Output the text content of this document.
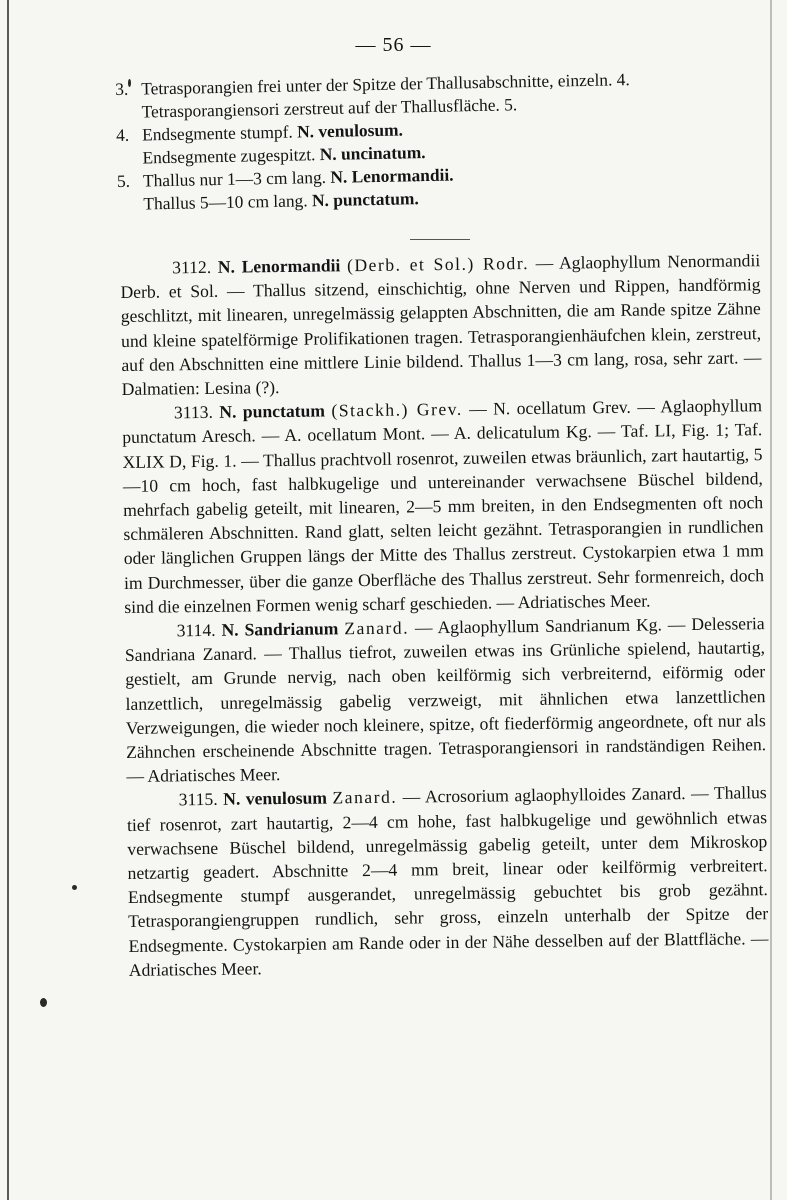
— 56 —
3. Tetrasporangien frei unter der Spitze der Thallusabschnitte, einzeln. 4.
Tetrasporangiensori zerstreut auf der Thallusfläche. 5.
4. Endsegmente stumpf. N. venulosum.
Endsegmente zugespitzt. N. uncinatum.
5. Thallus nur 1—3 cm lang. N. Lenormandii.
Thallus 5—10 cm lang. N. punctatum.

3112. N. Lenormandii (Derb. et Sol.) Rodr. — Aglaophyllum Nenormandii Derb. et Sol. — Thallus sitzend, einschichtig, ohne Nerven und Rippen, handförmig geschlitzt, mit linearen, unregelmässig gelappten Abschnitten, die am Rande spitze Zähne und kleine spatelförmige Prolifikationen tragen. Tetrasporangienhäufchen klein, zerstreut, auf den Abschnitten eine mittlere Linie bildend. Thallus 1—3 cm lang, rosa, sehr zart. — Dalmatien: Lesina (?).

3113. N. punctatum (Stackh.) Grev. — N. ocellatum Grev. — Aglaophyllum punctatum Aresch. — A. ocellatum Mont. — A. delicatulum Kg. — Taf. LI, Fig. 1; Taf. XLIX D, Fig. 1. — Thallus prachtvoll rosenrot, zuweilen etwas bräunlich, zart hautartig, 5—10 cm hoch, fast halbkugelige und untereinander verwachsene Büschel bildend, mehrfach gabelig geteilt, mit linearen, 2—5 mm breiten, in den Endsegmenten oft noch schmäleren Abschnitten. Rand glatt, selten leicht gezähnt. Tetrasporangien in rundlichen oder länglichen Gruppen längs der Mitte des Thallus zerstreut. Cystokarpien etwa 1 mm im Durchmesser, über die ganze Oberfläche des Thallus zerstreut. Sehr formenreich, doch sind die einzelnen Formen wenig scharf geschieden. — Adriatisches Meer.

3114. N. Sandrianum Zanard. — Aglaophyllum Sandrianum Kg. — Delesseria Sandriana Zanard. — Thallus tiefrot, zuweilen etwas ins Grünliche spielend, hautartig, gestielt, am Grunde nervig, nach oben keilförmig sich verbreiternd, eiförmig oder lanzettlich, unregelmässig gabelig verzweigt, mit ähnlichen etwa lanzettlichen Verzweigungen, die wieder noch kleinere, spitze, oft fiederförmig angeordnete, oft nur als Zähnchen erscheinende Abschnitte tragen. Tetrasporangiensori in randständigen Reihen. — Adriatisches Meer.

3115. N. venulosum Zanard. — Acrosorium aglaophylloides Zanard. — Thallus tief rosenrot, zart hautartig, 2—4 cm hohe, fast halbkugelige und gewöhnlich etwas verwachsene Büschel bildend, unregelmässig gabelig geteilt, unter dem Mikroskop netzartig geadert. Abschnitte 2—4 mm breit, linear oder keilförmig verbreitert. Endsegmente stumpf ausgerandet, unregelmässig gebuchtet bis grob gezähnt. Tetrasporangiengruppen rundlich, sehr gross, einzeln unterhalb der Spitze der Endsegmente. Cystokarpien am Rande oder in der Nähe desselben auf der Blattfläche. — Adriatisches Meer.
